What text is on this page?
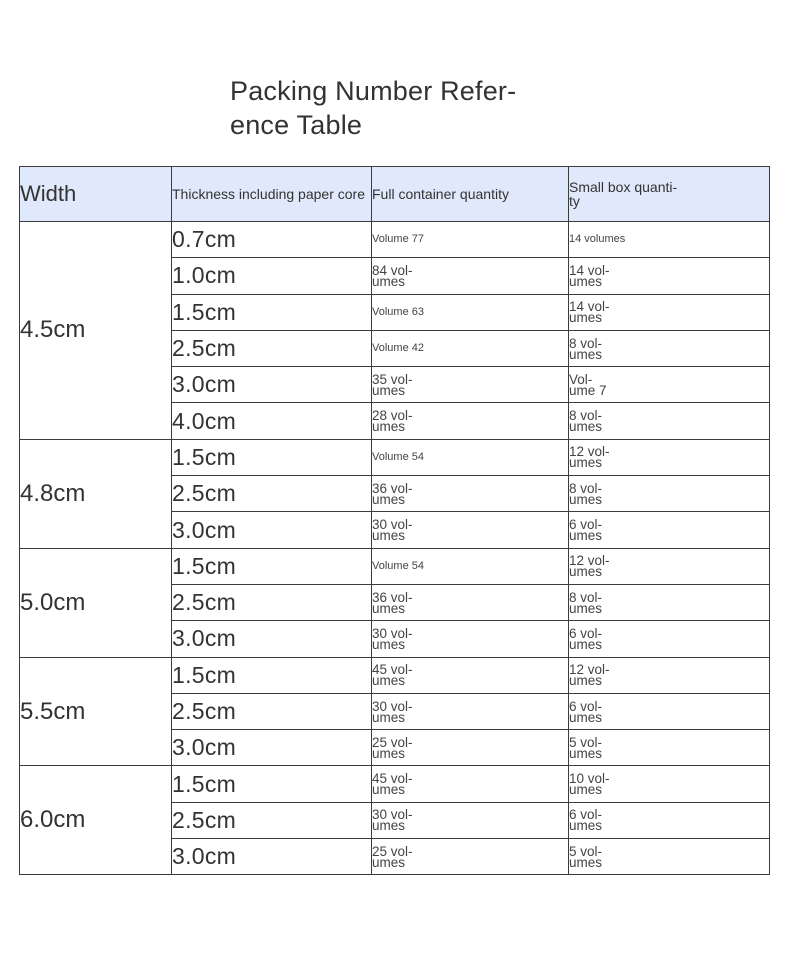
Packing Number Refer-
ence Table
Width	Thickness including paper core	Full container quantity	Small box quanti-
ty
4.5cm	0.7cm	Volume 77	14 volumes
	1.0cm	84 vol-
umes	14 vol-
umes
	1.5cm	Volume 63	14 vol-
umes
	2.5cm	Volume 42	8 vol-
umes
	3.0cm	35 vol-
umes	Vol-
ume 7
	4.0cm	28 vol-
umes	8 vol-
umes
4.8cm	1.5cm	Volume 54	12 vol-
umes
	2.5cm	36 vol-
umes	8 vol-
umes
	3.0cm	30 vol-
umes	6 vol-
umes
5.0cm	1.5cm	Volume 54	12 vol-
umes
	2.5cm	36 vol-
umes	8 vol-
umes
	3.0cm	30 vol-
umes	6 vol-
umes
5.5cm	1.5cm	45 vol-
umes	12 vol-
umes
	2.5cm	30 vol-
umes	6 vol-
umes
	3.0cm	25 vol-
umes	5 vol-
umes
6.0cm	1.5cm	45 vol-
umes	10 vol-
umes
	2.5cm	30 vol-
umes	6 vol-
umes
	3.0cm	25 vol-
umes	5 vol-
umes
